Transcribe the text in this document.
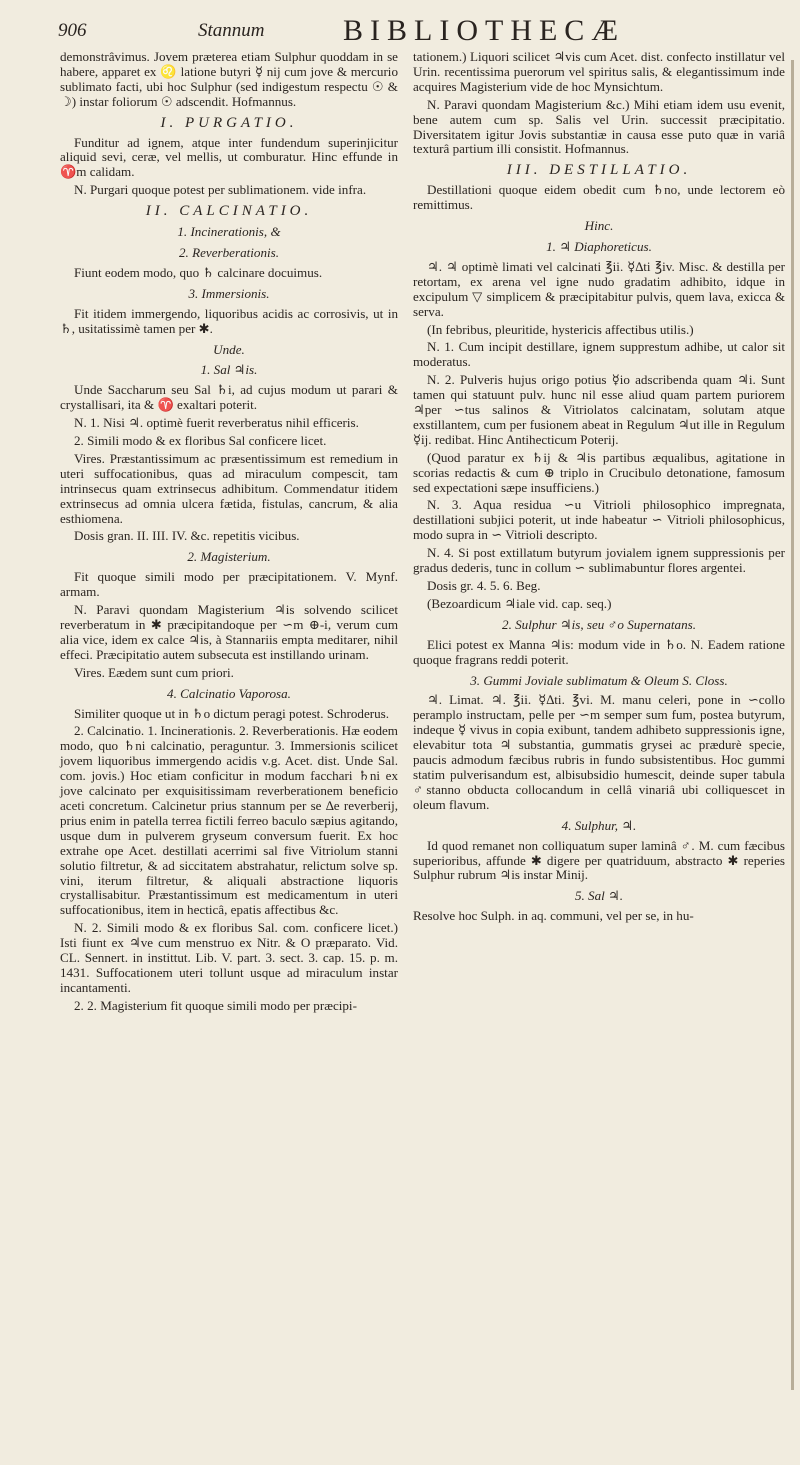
906	Stannum	BIBLIOTHECÆ

demonstrâvimus. Jovem præterea etiam Sulphur quoddam in se habere, apparet ex ♌ latione butyri ☿ nij cum jove & mercurio sublimato facti, ubi hoc Sulphur (sed indigestum respectu ☉ & ☽) instar foliorum ☉ adscendit. Hofmannus.

I. PURGATIO.

Funditur ad ignem, atque inter fundendum superinjicitur aliquid sevi, ceræ, vel mellis, ut comburatur. Hinc effunde in ♈m calidam.

N. Purgari quoque potest per sublimationem. vide infra.

II. CALCINATIO.

1. Incinerationis, &

2. Reverberationis.

Fiunt eodem modo, quo ♄ calcinare docuimus.

3. Immersionis.

Fit itidem immergendo, liquoribus acidis ac corrosivis, ut in ♄, usitatissimè tamen per ✱.

Unde.

1. Sal ♃is.

Unde Saccharum seu Sal ♄i, ad cujus modum ut parari & crystallisari, ita & ♈ exaltari poterit.

N. 1. Nisi ♃. optimè fuerit reverberatus nihil efficeris.

2. Simili modo & ex floribus Sal conficere licet.

Vires. Præstantissimum ac præsentissimum est remedium in uteri suffocationibus, quas ad miraculum compescit, tam intrinsecus quam extrinsecus adhibitum. Commendatur itidem extrinsecus ad omnia ulcera fætida, fistulas, cancrum, & alia esthiomena.

Dosis gran. II. III. IV. &c. repetitis vicibus.

2. Magisterium.

Fit quoque simili modo per præcipitationem. V. Mynf. armam.

N. Paravi quondam Magisterium ♃is solvendo scilicet reverberatum in ✱ præcipitandoque per ∽m ⊕-i, verum cum alia vice, idem ex calce ♃is, à Stannariis empta meditarer, nihil effeci. Præcipitatio autem subsecuta est instillando urinam.

Vires. Eædem sunt cum priori.

4. Calcinatio Vaporosa.

Similiter quoque ut in ♄o dictum peragi potest. Schroderus.

2. Calcinatio. 1. Incinerationis. 2. Reverberationis. Hæ eodem modo, quo ♄ni calcinatio, peraguntur. 3. Immersionis scilicet jovem liquoribus immergendo acidis v.g. Acet. dist. Unde Sal. com. jovis.) Hoc etiam conficitur in modum facchari ♄ni ex jove calcinato per exquisitissimam reverberationem beneficio aceti concretum. Calcinetur prius stannum per se ∆e reverberij, prius enim in patella terrea fictili ferreo baculo sæpius agitando, usque dum in pulverem gryseum conversum fuerit. Ex hoc extrahe ope Acet. destillati acerrimi sal five Vitriolum stanni solutio filtretur, & ad siccitatem abstrahatur, relictum solve sp. vini, iterum filtretur, & aliquali abstractione liquoris crystallisabitur. Præstantissimum est medicamentum in uteri suffocationibus, item in hecticâ, epatis affectibus &c.

N. 2. Simili modo & ex floribus Sal. com. conficere licet.) Isti fiunt ex ♃ve cum menstruo ex Nitr. & O præparato. Vid. CL. Sennert. in instittut. Lib. V. part. 3. sect. 3. cap. 15. p. m. 1431. Suffocationem uteri tollunt usque ad miraculum instar incantamenti.

2. 2. Magisterium fit quoque simili modo per præcipi-

tationem.) Liquori scilicet ♃vis cum Acet. dist. confecto instillatur vel Urin. recentissima puerorum vel spiritus salis, & elegantissimum inde acquires Magisterium vide de hoc Mynsichtum.

N. Paravi quondam Magisterium &c.) Mihi etiam idem usu evenit, bene autem cum sp. Salis vel Urin. successit præcipitatio. Diversitatem igitur Jovis substantiæ in causa esse puto quæ in variâ texturâ partium illi consistit. Hofmannus.

III. DESTILLATIO.

Destillationi quoque eidem obedit cum ♄no, unde lectorem eò remittimus.

Hinc.

1. ♃ Diaphoreticus.

♃. ♃ optimè limati vel calcinati ℥ii. ☿∆ti ℥iv. Misc. & destilla per retortam, ex arena vel igne nudo gradatim adhibito, idque in excipulum ▽ simplicem & præcipitabitur pulvis, quem lava, exicca & serva.

(In febribus, pleuritide, hystericis affectibus utilis.)

N. 1. Cum incipit destillare, ignem supprestum adhibe, ut calor sit moderatus.

N. 2. Pulveris hujus origo potius ☿io adscribenda quam ♃i. Sunt tamen qui statuunt pulv. hunc nil esse aliud quam partem puriorem ♃per ∽tus salinos & Vitriolatos calcinatam, solutam atque exstillantem, cum per fusionem abeat in Regulum ♃ut ille in Regulum ☿ij. redibat. Hinc Antihecticum Poterij.

(Quod paratur ex ♄ij & ♃is partibus æqualibus, agitatione in scorias redactis & cum ⊕ triplo in Crucibulo detonatione, famosum sed expectationi sæpe insufficiens.)

N. 3. Aqua residua ∽u Vitrioli philosophico impregnata, destillationi subjici poterit, ut inde habeatur ∽ Vitrioli philosophicus, modo supra in ∽ Vitrioli descripto.

N. 4. Si post extillatum butyrum jovialem ignem suppressionis per gradus dederis, tunc in collum ∽ sublimabuntur flores argentei.

Dosis gr. 4. 5. 6. Beg.

(Bezoardicum ♃iale vid. cap. seq.)

2. Sulphur ♃is, seu ♂o Supernatans.

Elici potest ex Manna ♃is: modum vide in ♄o. N. Eadem ratione quoque fragrans reddi poterit.

3. Gummi Joviale sublimatum & Oleum S. Closs.

♃. Limat. ♃. ℥ii. ☿∆ti. ℥vi. M. manu celeri, pone in ∽collo peramplo instructam, pelle per ∽m semper sum fum, postea butyrum, indeque ☿ vivus in copia exibunt, tandem adhibeto suppressionis igne, elevabitur tota ♃ substantia, gummatis grysei ac prædurè specie, paucis admodum fæcibus rubris in fundo subsistentibus. Hoc gummi statim pulverisandum est, albisubsidio humescit, deinde super tabula ♂stanno obducta collocandum in cellâ vinariâ ubi colliquescet in oleum flavum.

4. Sulphur, ♃.

Id quod remanet non colliquatum super laminâ ♂. M. cum fæcibus superioribus, affunde ✱ digere per quatriduum, abstracto ✱ reperies Sulphur rubrum ♃is instar Minij.

5. Sal ♃.

Resolve hoc Sulph. in aq. communi, vel per se, in hu-
